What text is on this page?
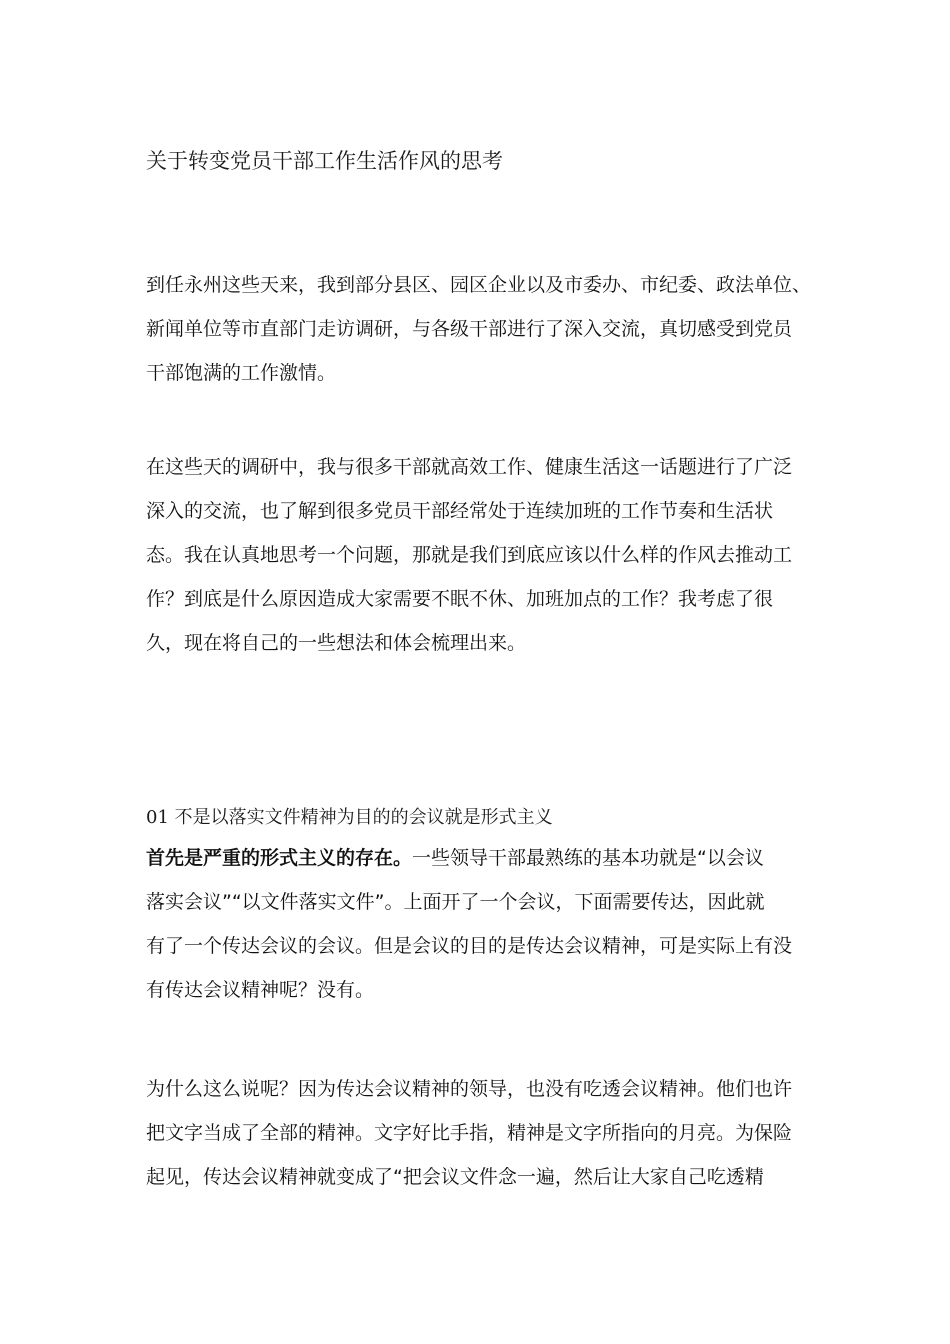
关于转变党员干部工作生活作风的思考
到任永州这些天来，我到部分县区、园区企业以及市委办、市纪委、政法单位、
新闻单位等市直部门走访调研，与各级干部进行了深入交流，真切感受到党员
干部饱满的工作激情。
在这些天的调研中，我与很多干部就高效工作、健康生活这一话题进行了广泛
深入的交流，也了解到很多党员干部经常处于连续加班的工作节奏和生活状
态。我在认真地思考一个问题，那就是我们到底应该以什么样的作风去推动工
作？到底是什么原因造成大家需要不眠不休、加班加点的工作？我考虑了很
久，现在将自己的一些想法和体会梳理出来。
01 不是以落实文件精神为目的的会议就是形式主义
首先是严重的形式主义的存在。一些领导干部最熟练的基本功就是“以会议
落实会议”“以文件落实文件”。上面开了一个会议，下面需要传达，因此就
有了一个传达会议的会议。但是会议的目的是传达会议精神，可是实际上有没
有传达会议精神呢？没有。
为什么这么说呢？因为传达会议精神的领导，也没有吃透会议精神。他们也许
把文字当成了全部的精神。文字好比手指，精神是文字所指向的月亮。为保险
起见，传达会议精神就变成了“把会议文件念一遍，然后让大家自己吃透精
